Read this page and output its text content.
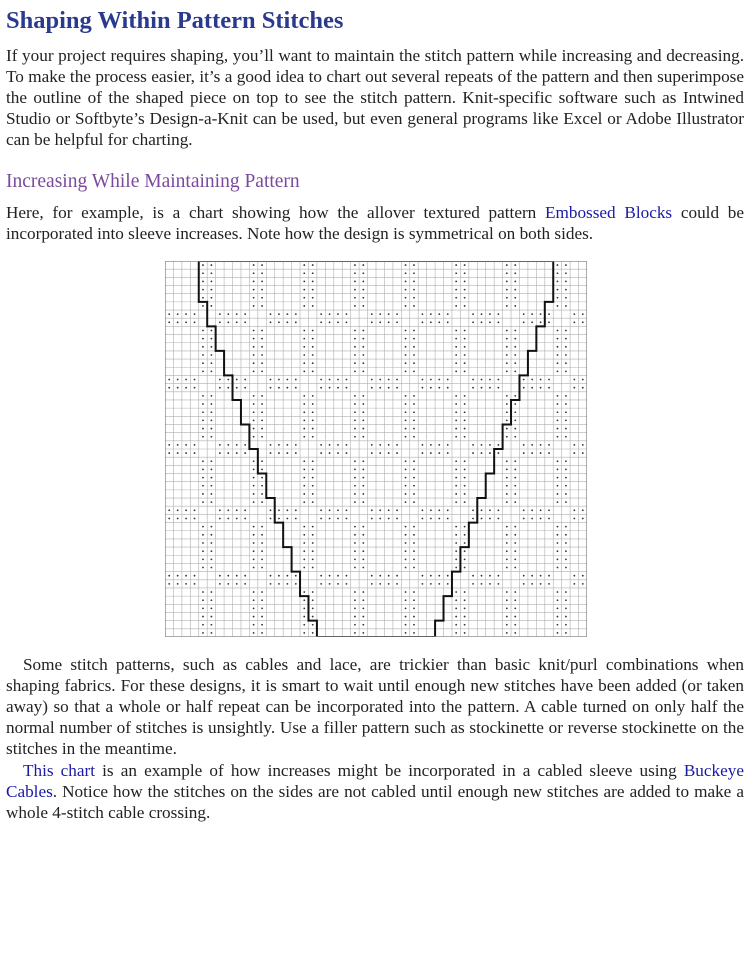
Shaping Within Pattern Stitches

If your project requires shaping, you’ll want to maintain the stitch pattern while increasing and decreasing. To make the process easier, it’s a good idea to chart out several repeats of the pattern and then superimpose the outline of the shaped piece on top to see the stitch pattern. Knit-specific software such as Intwined Studio or Softbyte’s Design-a-Knit can be used, but even general programs like Excel or Adobe Illustrator can be helpful for charting.

Increasing While Maintaining Pattern

Here, for example, is a chart showing how the allover textured pattern Embossed Blocks could be incorporated into sleeve increases. Note how the design is symmetrical on both sides.

Some stitch patterns, such as cables and lace, are trickier than basic knit/purl combinations when shaping fabrics. For these designs, it is smart to wait until enough new stitches have been added (or taken away) so that a whole or half repeat can be incorporated into the pattern. A cable turned on only half the normal number of stitches is unsightly. Use a filler pattern such as stockinette or reverse stockinette on the stitches in the meantime.

This chart is an example of how increases might be incorporated in a cabled sleeve using Buckeye Cables. Notice how the stitches on the sides are not cabled until enough new stitches are added to make a whole 4-stitch cable crossing.
